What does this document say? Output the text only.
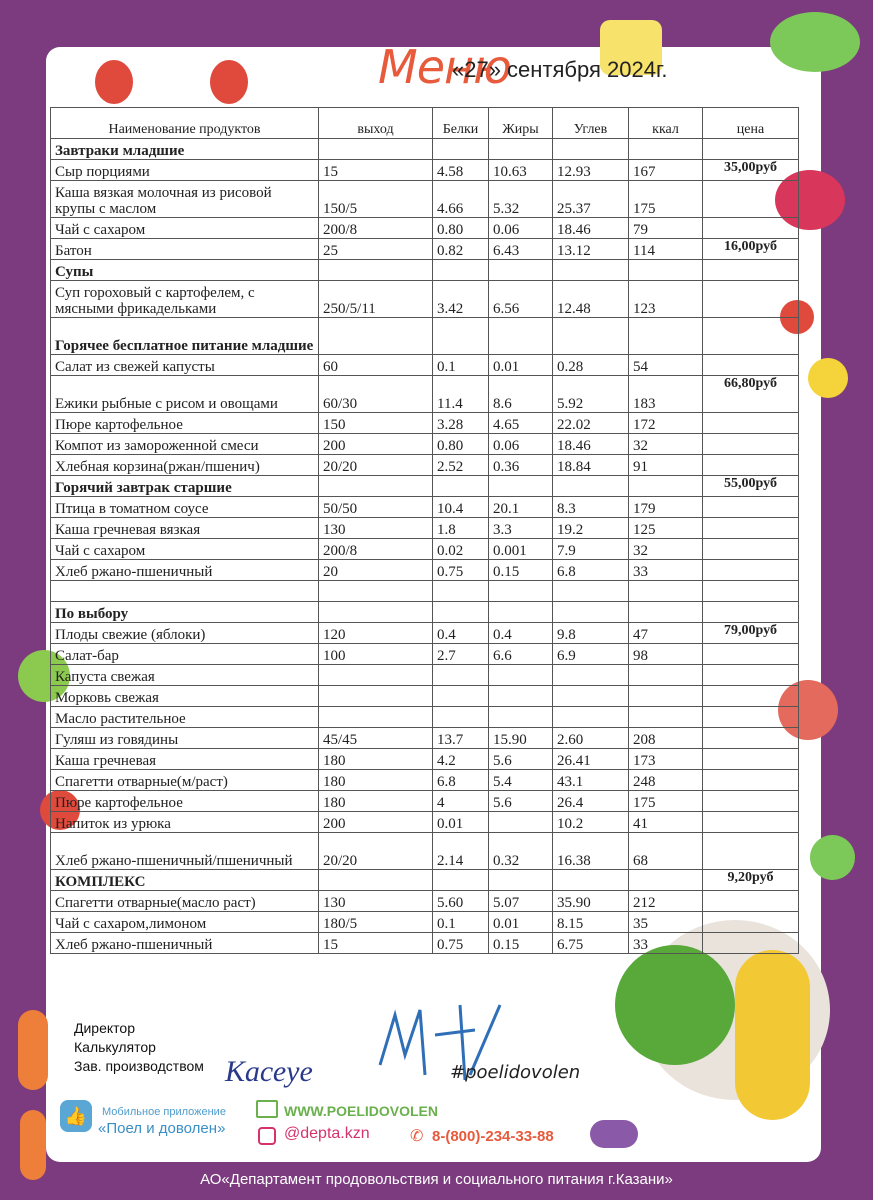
Меню
«27» сентября 2024г.
Наименование продуктов	выход	Белки	Жиры	Углев	ккал	цена
Завтраки младшие						
Сыр порциями	15	4.58	10.63	12.93	167	35,00руб
Каша вязкая молочная из рисовой крупы с маслом	150/5	4.66	5.32	25.37	175	
Чай с сахаром	200/8	0.80	0.06	18.46	79	
Батон	25	0.82	6.43	13.12	114	16,00руб
Супы						
Суп гороховый с картофелем, с мясными фрикадельками	250/5/11	3.42	6.56	12.48	123	
Горячее бесплатное питание младшие						
Салат из свежей капусты	60	0.1	0.01	0.28	54	
Ежики рыбные с рисом и овощами	60/30	11.4	8.6	5.92	183	66,80руб
Пюре картофельное	150	3.28	4.65	22.02	172	
Компот из замороженной смеси	200	0.80	0.06	18.46	32	
Хлебная корзина(ржан/пшенич)	20/20	2.52	0.36	18.84	91	
Горячий завтрак старшие						55,00руб
Птица в томатном соусе	50/50	10.4	20.1	8.3	179	
Каша гречневая вязкая	130	1.8	3.3	19.2	125	
Чай с сахаром	200/8	0.02	0.001	7.9	32	
Хлеб ржано-пшеничный	20	0.75	0.15	6.8	33	

По выбору						
Плоды свежие (яблоки)	120	0.4	0.4	9.8	47	79,00руб
Салат-бар	100	2.7	6.6	6.9	98	
Капуста свежая						
Морковь свежая						
Масло растительное						
Гуляш из говядины	45/45	13.7	15.90	2.60	208	
Каша гречневая	180	4.2	5.6	26.41	173	
Спагетти отварные(м/раст)	180	6.8	5.4	43.1	248	
Пюре картофельное	180	4	5.6	26.4	175	
Напиток из урюка	200	0.01		10.2	41	
Хлеб ржано-пшеничный/пшеничный	20/20	2.14	0.32	16.38	68	
КОМПЛЕКС						9,20руб
Спагетти отварные(масло раст)	130	5.60	5.07	35.90	212	
Чай с сахаром,лимоном	180/5	0.1	0.01	8.15	35	
Хлеб ржано-пшеничный	15	0.75	0.15	6.75	33	
Директор
Калькулятор
Зав. производством Касеуе	#poelidovolen
👍	Мобильное приложение
«Поел и доволен»
WWW.POELIDOVOLEN
@depta.kzn	✆ 8-(800)-234-33-88
АО«Департамент продовольствия и социального питания г.Казани»
